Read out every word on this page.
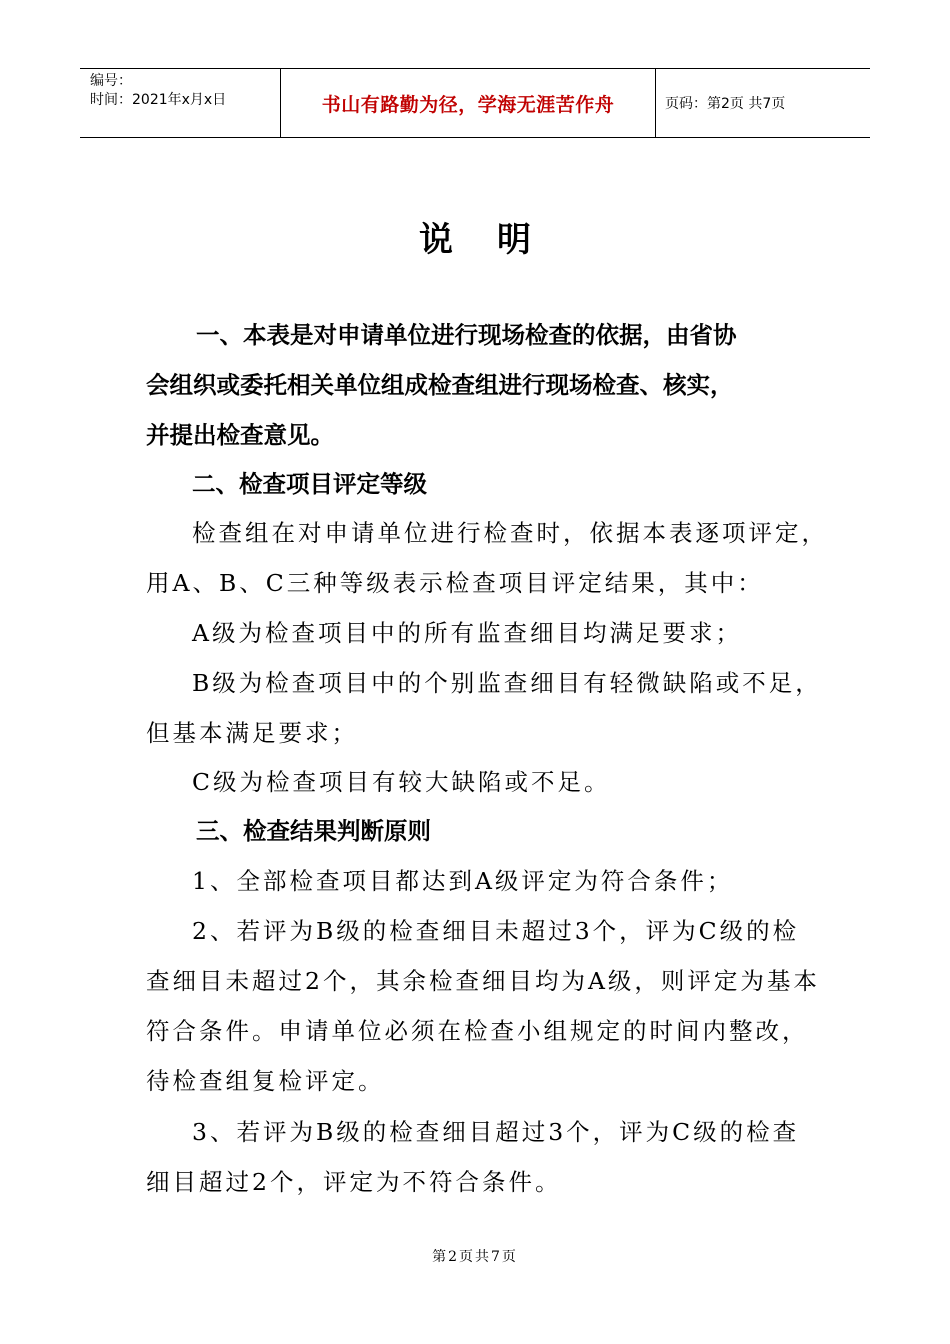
编号：
时间：2021年x月x日	书山有路勤为径，学海无涯苦作舟	页码：第2页 共7页
说明

一、本表是对申请单位进行现场检查的依据，由省协
会组织或委托相关单位组成检查组进行现场检查、核实，
并提出检查意见。

二、检查项目评定等级

检查组在对申请单位进行检查时，依据本表逐项评定，
用A、B、C三种等级表示检查项目评定结果，其中：

A级为检查项目中的所有监查细目均满足要求；

B级为检查项目中的个别监查细目有轻微缺陷或不足，
但基本满足要求；

C级为检查项目有较大缺陷或不足。

三、检查结果判断原则

1、全部检查项目都达到A级评定为符合条件；

2、若评为B级的检查细目未超过3个，评为C级的检
查细目未超过2个，其余检查细目均为A级，则评定为基本
符合条件。申请单位必须在检查小组规定的时间内整改，
待检查组复检评定。

3、若评为B级的检查细目超过3个，评为C级的检查
细目超过2个，评定为不符合条件。

第2页共7页
